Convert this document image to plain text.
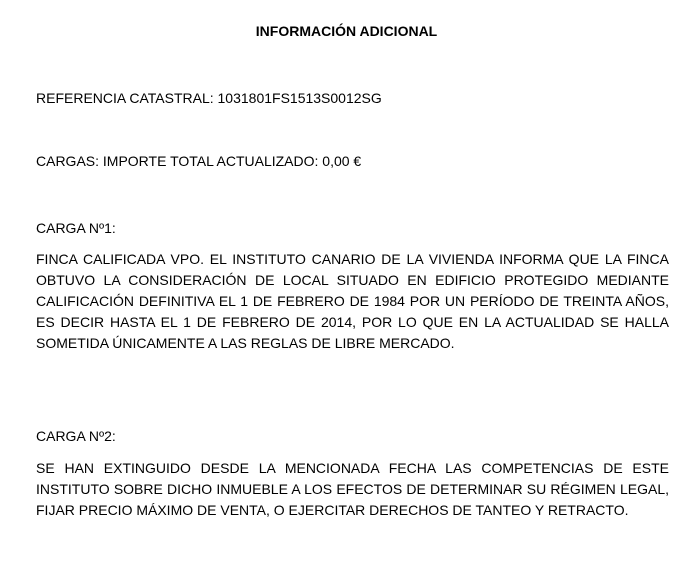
INFORMACIÓN ADICIONAL
REFERENCIA CATASTRAL: 1031801FS1513S0012SG
CARGAS: IMPORTE TOTAL ACTUALIZADO: 0,00 €
CARGA Nº1:
FINCA CALIFICADA VPO. EL INSTITUTO CANARIO DE LA VIVIENDA INFORMA QUE LA FINCA OBTUVO LA CONSIDERACIÓN DE LOCAL SITUADO EN EDIFICIO PROTEGIDO MEDIANTE CALIFICACIÓN DEFINITIVA EL 1 DE FEBRERO DE 1984 POR UN PERÍODO DE TREINTA AÑOS, ES DECIR HASTA EL 1 DE FEBRERO DE 2014, POR LO QUE EN LA ACTUALIDAD SE HALLA SOMETIDA ÚNICAMENTE A LAS REGLAS DE LIBRE MERCADO.
CARGA Nº2:
SE HAN EXTINGUIDO DESDE LA MENCIONADA FECHA LAS COMPETENCIAS DE ESTE INSTITUTO SOBRE DICHO INMUEBLE A LOS EFECTOS DE DETERMINAR SU RÉGIMEN LEGAL, FIJAR PRECIO MÁXIMO DE VENTA, O EJERCITAR DERECHOS DE TANTEO Y RETRACTO.
